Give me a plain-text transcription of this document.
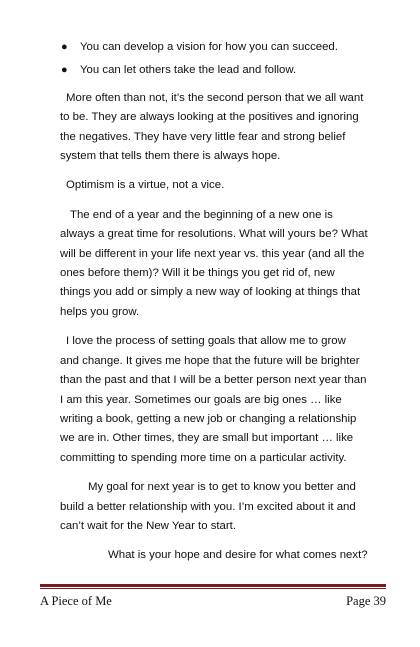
● You can develop a vision for how you can succeed.
● You can let others take the lead and follow.

More often than not, it’s the second person that we all want to be. They are always looking at the positives and ignoring the negatives. They have very little fear and strong belief system that tells them there is always hope.

Optimism is a virtue, not a vice.

The end of a year and the beginning of a new one is always a great time for resolutions. What will yours be? What will be different in your life next year vs. this year (and all the ones before them)? Will it be things you get rid of, new things you add or simply a new way of looking at things that helps you grow.

I love the process of setting goals that allow me to grow and change. It gives me hope that the future will be brighter than the past and that I will be a better person next year than I am this year. Sometimes our goals are big ones … like writing a book, getting a new job or changing a relationship we are in. Other times, they are small but important … like committing to spending more time on a particular activity.

My goal for next year is to get to know you better and build a better relationship with you. I’m excited about it and can’t wait for the New Year to start.

What is your hope and desire for what comes next?

A Piece of Me	Page 39
